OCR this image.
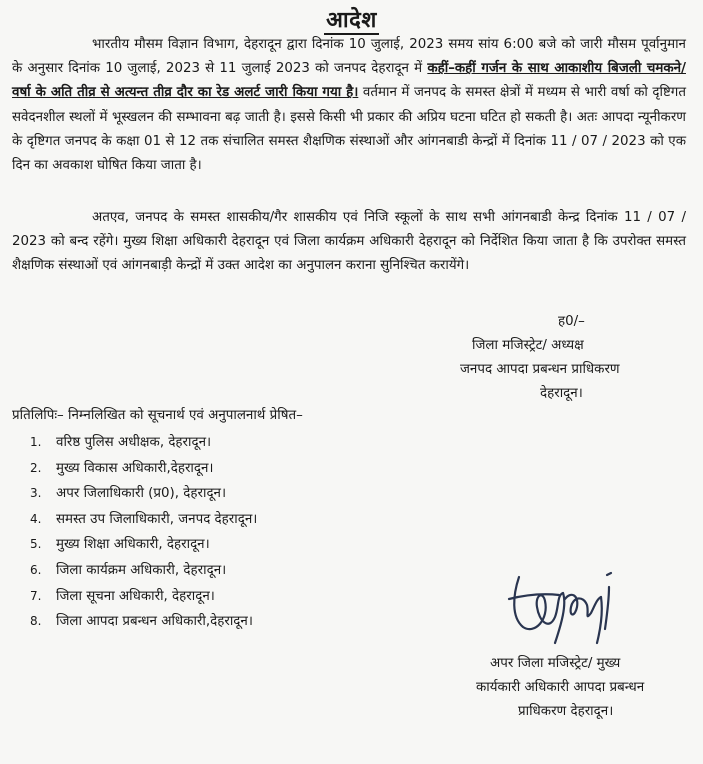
आदेश
भारतीय मौसम विज्ञान विभाग, देहरादून द्वारा दिनांक 10 जुलाई, 2023 समय सांय 6:00 बजे को जारी मौसम पूर्वानुमान के अनुसार दिनांक 10 जुलाई, 2023 से 11 जुलाई 2023 को जनपद देहरादून में कहीं–कहीं गर्जन के साथ आकाशीय बिजली चमकने/वर्षा के अति तीव्र से अत्यन्त तीव्र दौर का रेड अलर्ट जारी किया गया है। वर्तमान में जनपद के समस्त क्षेत्रों में मध्यम से भारी वर्षा को दृष्टिगत सवेदनशील स्थलों में भूस्खलन की सम्भावना बढ़ जाती है। इससे किसी भी प्रकार की अप्रिय घटना घटित हो सकती है। अतः आपदा न्यूनीकरण के दृष्टिगत जनपद के कक्षा 01 से 12 तक संचालित समस्त शैक्षणिक संस्थाओं और आंगनबाडी केन्द्रों में दिनांक 11 / 07 / 2023 को एक दिन का अवकाश घोषित किया जाता है।
अतएव, जनपद के समस्त शासकीय/गैर शासकीय एवं निजि स्कूलों के साथ सभी आंगनबाडी केन्द्र दिनांक 11 / 07 / 2023 को बन्द रहेंगे। मुख्य शिक्षा अधिकारी देहरादून एवं जिला कार्यक्रम अधिकारी देहरादून को निर्देशित किया जाता है कि उपरोक्त समस्त शैक्षणिक संस्थाओं एवं आंगनबाड़ी केन्द्रों में उक्त आदेश का अनुपालन कराना सुनिश्चित करायेंगे।
ह0/–
जिला मजिस्ट्रेट/ अध्यक्ष
जनपद आपदा प्रबन्धन प्राधिकरण
देहरादून।
प्रतिलिपिः– निम्नलिखित को सूचनार्थ एवं अनुपालनार्थ प्रेषित–
1.	वरिष्ठ पुलिस अधीक्षक, देहरादून।
2.	मुख्य विकास अधिकारी,देहरादून।
3.	अपर जिलाधिकारी (प्र0), देहरादून।
4.	समस्त उप जिलाधिकारी, जनपद देहरादून।
5.	मुख्य शिक्षा अधिकारी, देहरादून।
6.	जिला कार्यक्रम अधिकारी, देहरादून।
7.	जिला सूचना अधिकारी, देहरादून।
8.	जिला आपदा प्रबन्धन अधिकारी,देहरादून।
अपर जिला मजिस्ट्रेट/ मुख्य
कार्यकारी अधिकारी आपदा प्रबन्धन
प्राधिकरण देहरादून।
